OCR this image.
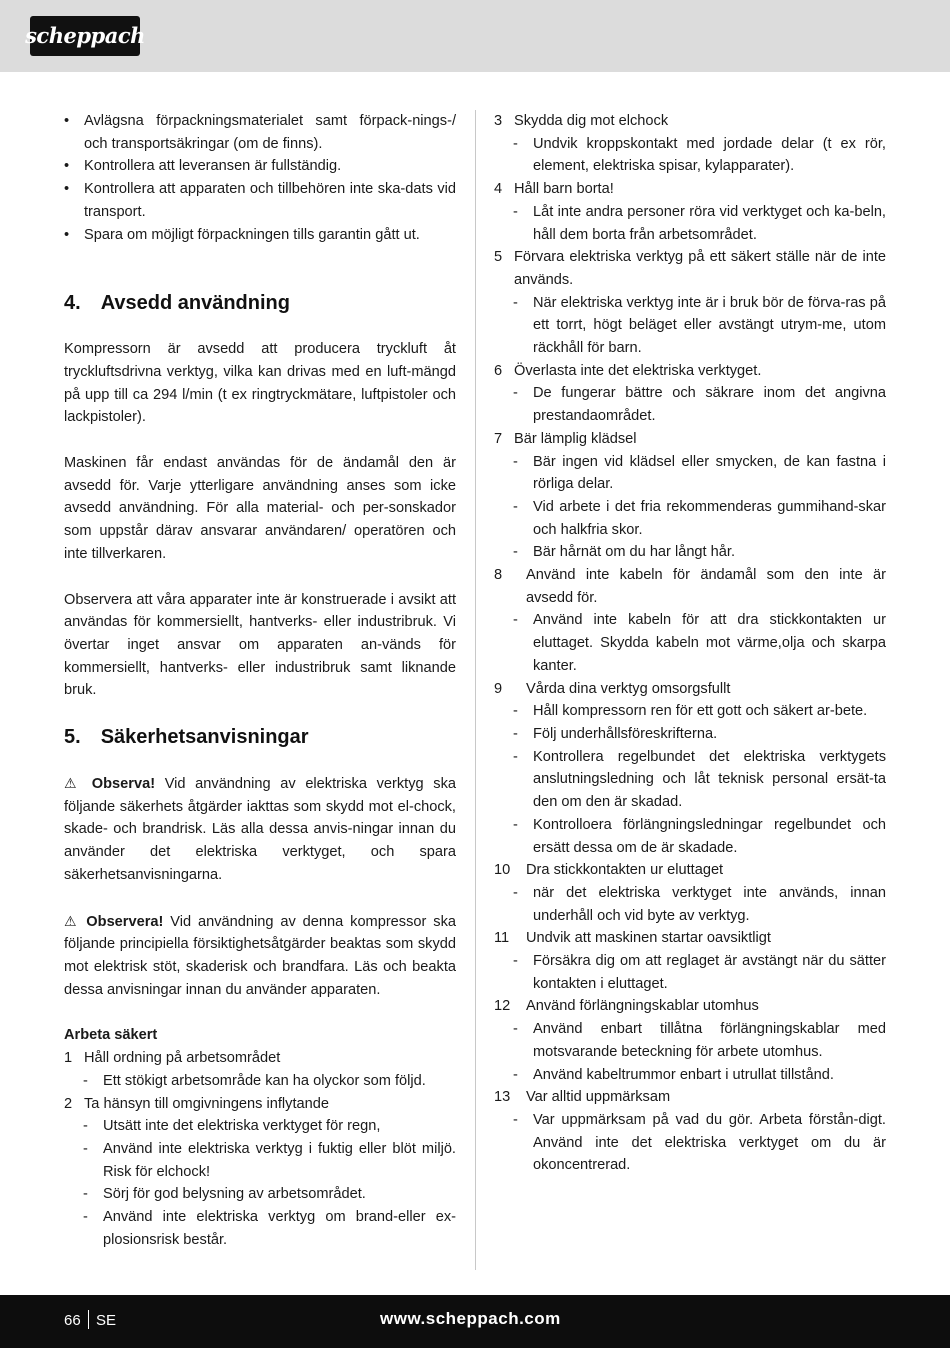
scheppach
• Avlägsna förpackningsmaterialet samt förpack-nings-/ och transportsäkringar (om de finns).
• Kontrollera att leveransen är fullständig.
• Kontrollera att apparaten och tillbehören inte ska-dats vid transport.
• Spara om möjligt förpackningen tills garantin gått ut.
4. Avsedd användning

Kompressorn är avsedd att producera tryckluft åt tryckluftsdrivna verktyg, vilka kan drivas med en luft-mängd på upp till ca 294 l/min (t ex ringtryckmätare, luftpistoler och lackpistoler).

Maskinen får endast användas för de ändamål den är avsedd för. Varje ytterligare användning anses som icke avsedd användning. För alla material- och per-sonskador som uppstår därav ansvarar användaren/ operatören och inte tillverkaren.

Observera att våra apparater inte är konstruerade i avsikt att användas för kommersiellt, hantverks- eller industribruk. Vi övertar inget ansvar om apparaten an-vänds för kommersiellt, hantverks- eller industribruk samt liknande bruk.

5. Säkerhetsanvisningar

⚠ Observa! Vid användning av elektriska verktyg ska följande säkerhets åtgärder iakttas som skydd mot el-chock, skade- och brandrisk. Läs alla dessa anvis-ningar innan du använder det elektriska verktyget, och spara säkerhetsanvisningarna.

⚠ Observera! Vid användning av denna kompressor ska följande principiella försiktighetsåtgärder beaktas som skydd mot elektrisk stöt, skaderisk och brandfara. Läs och beakta dessa anvisningar innan du använder apparaten.

Arbeta säkert

1 Håll ordning på arbetsområdet
- Ett stökigt arbetsområde kan ha olyckor som följd.
2 Ta hänsyn till omgivningens inflytande
- Utsätt inte det elektriska verktyget för regn,
- Använd inte elektriska verktyg i fuktig eller blöt miljö. Risk för elchock!
- Sörj för god belysning av arbetsområdet.
- Använd inte elektriska verktyg om brand-eller ex-plosionsrisk består.
3 Skydda dig mot elchock
- Undvik kroppskontakt med jordade delar (t ex rör, element, elektriska spisar, kylapparater).
4 Håll barn borta!
- Låt inte andra personer röra vid verktyget och ka-beln, håll dem borta från arbetsområdet.
5 Förvara elektriska verktyg på ett säkert ställe när de inte används.
- När elektriska verktyg inte är i bruk bör de förva-ras på ett torrt, högt beläget eller avstängt utrym-me, utom räckhåll för barn.
6 Överlasta inte det elektriska verktyget.
- De fungerar bättre och säkrare inom det angivna prestandaområdet.
7 Bär lämplig klädsel
- Bär ingen vid klädsel eller smycken, de kan fastna i rörliga delar.
- Vid arbete i det fria rekommenderas gummihand-skar och halkfria skor.
- Bär hårnät om du har långt hår.
8 Använd inte kabeln för ändamål som den inte är avsedd för.
- Använd inte kabeln för att dra stickkontakten ur eluttaget. Skydda kabeln mot värme,olja och skarpa kanter.
9 Vårda dina verktyg omsorgsfullt
- Håll kompressorn ren för ett gott och säkert ar-bete.
- Följ underhållsföreskrifterna.
- Kontrollera regelbundet det elektriska verktygets anslutningsledning och låt teknisk personal ersät-ta den om den är skadad.
- Kontrolloera förlängningsledningar regelbundet och ersätt dessa om de är skadade.
10 Dra stickkontakten ur eluttaget
- när det elektriska verktyget inte används, innan underhåll och vid byte av verktyg.
11 Undvik att maskinen startar oavsiktligt
- Försäkra dig om att reglaget är avstängt när du sätter kontakten i eluttaget.
12 Använd förlängningskablar utomhus
- Använd enbart tillåtna förlängningskablar med motsvarande beteckning för arbete utomhus.
- Använd kabeltrummor enbart i utrullat tillstånd.
13 Var alltid uppmärksam
- Var uppmärksam på vad du gör. Arbeta förstån-digt. Använd inte det elektriska verktyget om du är okoncentrerad.
66 SE	www.scheppach.com
